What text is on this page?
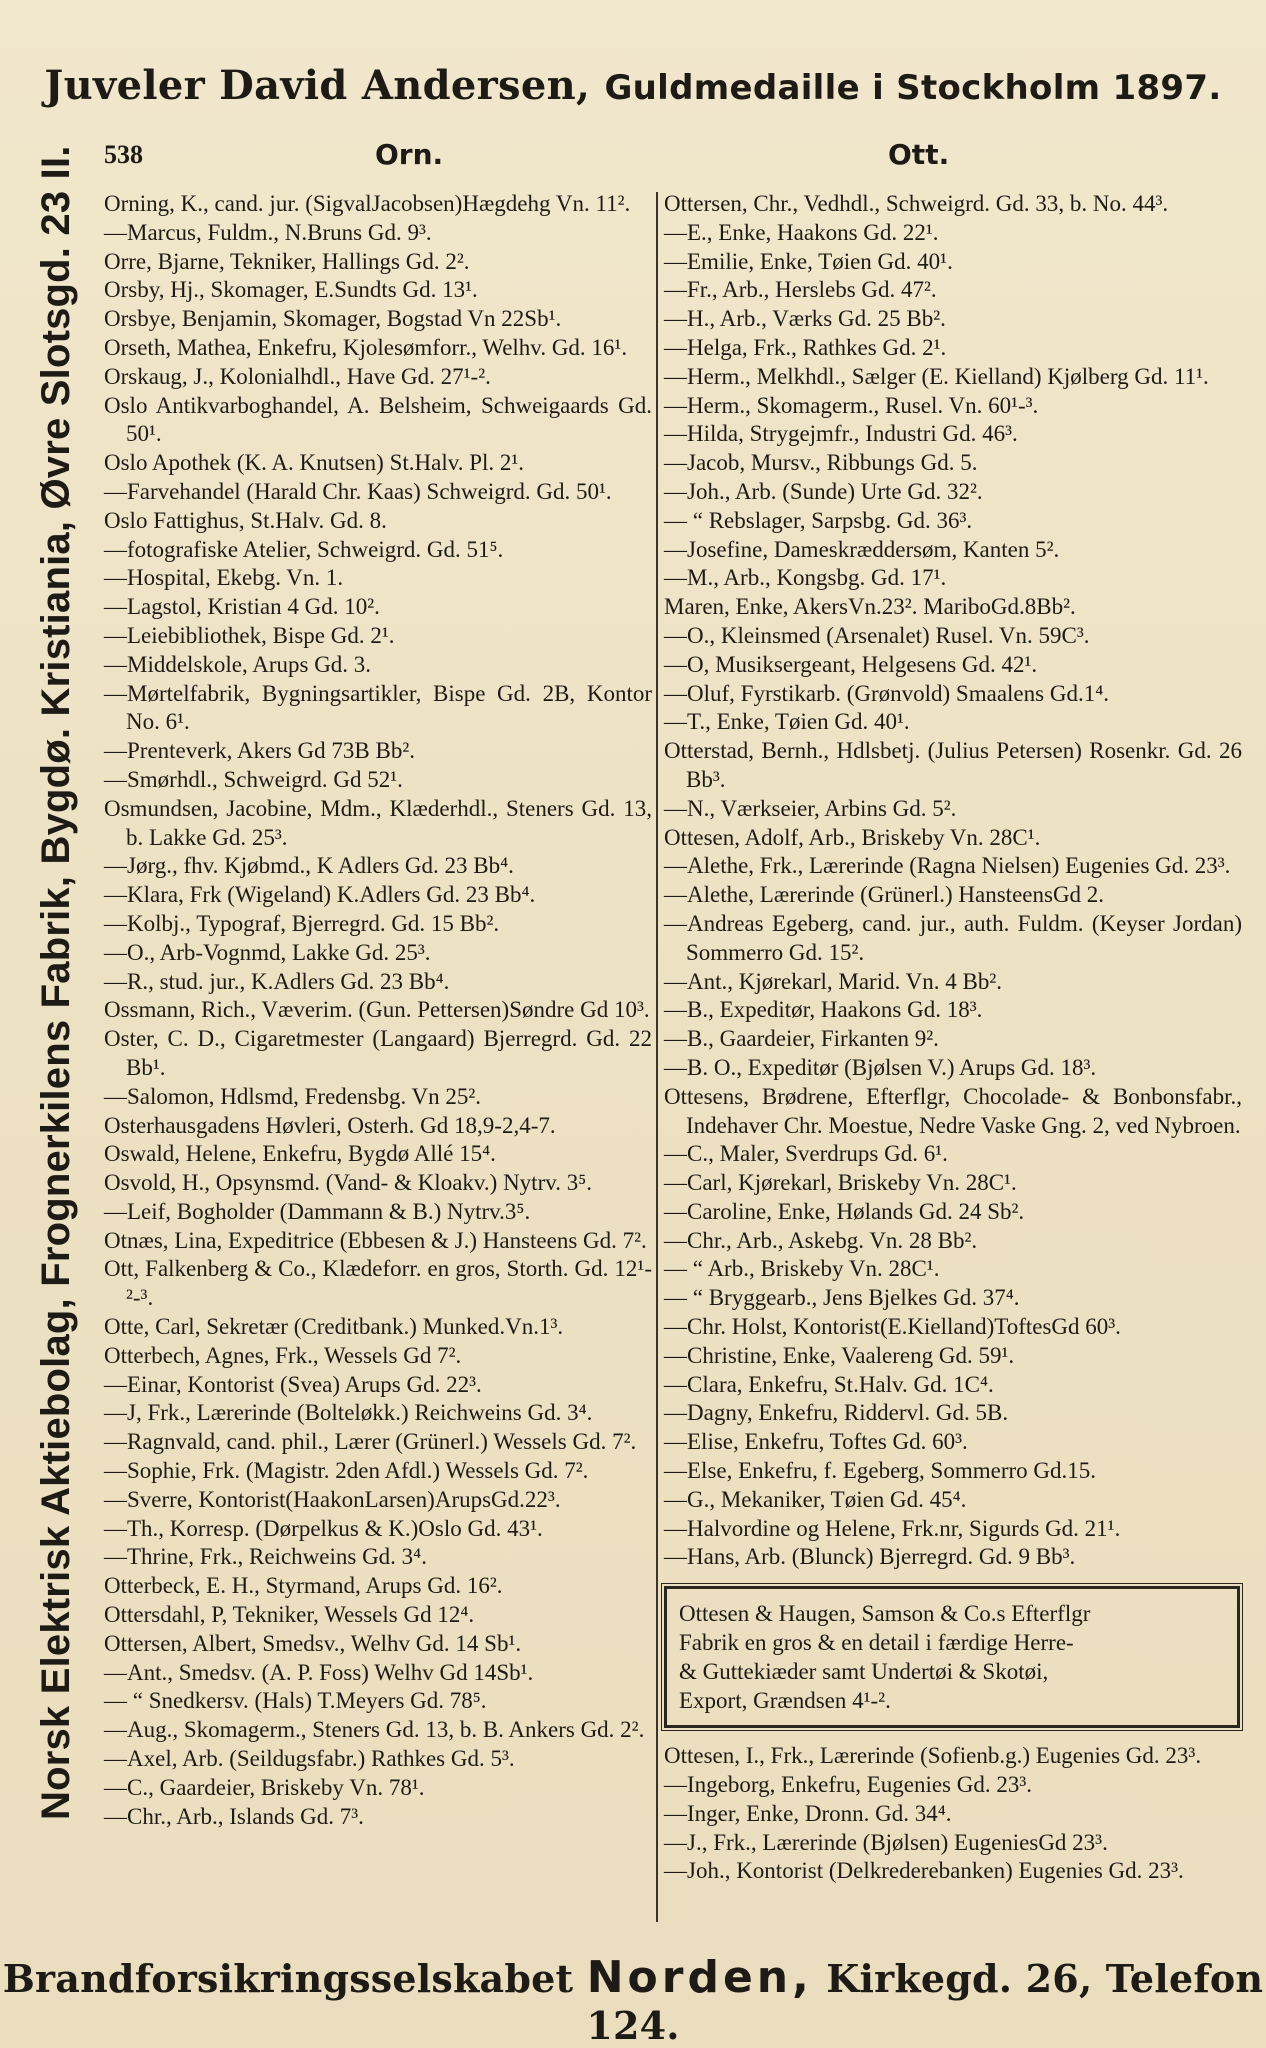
Juveler David Andersen, Guldmedaille i Stockholm 1897.
538	Orn.	Ott.
Norsk Elektrisk Aktiebolag, Frognerkilens Fabrik, Bygdø. Kristiania, Øvre Slotsgd. 23 II.	Orning, K., cand. jur. (SigvalJacobsen)Hægdehg Vn. 11².
—Marcus, Fuldm., N.Bruns Gd. 9³.
Orre, Bjarne, Tekniker, Hallings Gd. 2².
Orsby, Hj., Skomager, E.Sundts Gd. 13¹.
Orsbye, Benjamin, Skomager, Bogstad Vn 22Sb¹.
Orseth, Mathea, Enkefru, Kjolesømforr., Welhv. Gd. 16¹.
Orskaug, J., Kolonialhdl., Have Gd. 27¹-².
Oslo Antikvarboghandel, A. Belsheim, Schweigaards Gd. 50¹.
Oslo Apothek (K. A. Knutsen) St.Halv. Pl. 2¹.
—Farvehandel (Harald Chr. Kaas) Schweigrd. Gd. 50¹.
Oslo Fattighus, St.Halv. Gd. 8.
—fotografiske Atelier, Schweigrd. Gd. 51⁵.
—Hospital, Ekebg. Vn. 1.
—Lagstol, Kristian 4 Gd. 10².
—Leiebibliothek, Bispe Gd. 2¹.
—Middelskole, Arups Gd. 3.
—Mørtelfabrik, Bygningsartikler, Bispe Gd. 2B, Kontor No. 6¹.
—Prenteverk, Akers Gd 73B Bb².
—Smørhdl., Schweigrd. Gd 52¹.
Osmundsen, Jacobine, Mdm., Klæderhdl., Steners Gd. 13, b. Lakke Gd. 25³.
—Jørg., fhv. Kjøbmd., K Adlers Gd. 23 Bb⁴.
—Klara, Frk (Wigeland) K.Adlers Gd. 23 Bb⁴.
—Kolbj., Typograf, Bjerregrd. Gd. 15 Bb².
—O., Arb-Vognmd, Lakke Gd. 25³.
—R., stud. jur., K.Adlers Gd. 23 Bb⁴.
Ossmann, Rich., Væverim. (Gun. Pettersen)Søndre Gd 10³.
Oster, C. D., Cigaretmester (Langaard) Bjerregrd. Gd. 22 Bb¹.
—Salomon, Hdlsmd, Fredensbg. Vn 25².
Osterhausgadens Høvleri, Osterh. Gd 18,9-2,4-7.
Oswald, Helene, Enkefru, Bygdø Allé 15⁴.
Osvold, H., Opsynsmd. (Vand- & Kloakv.) Nytrv. 3⁵.
—Leif, Bogholder (Dammann & B.) Nytrv.3⁵.
Otnæs, Lina, Expeditrice (Ebbesen & J.) Hansteens Gd. 7².
Ott, Falkenberg & Co., Klædeforr. en gros, Storth. Gd. 12¹-²-³.
Otte, Carl, Sekretær (Creditbank.) Munked.Vn.1³.
Otterbech, Agnes, Frk., Wessels Gd 7².
—Einar, Kontorist (Svea) Arups Gd. 22³.
—J, Frk., Lærerinde (Bolteløkk.) Reichweins Gd. 3⁴.
—Ragnvald, cand. phil., Lærer (Grünerl.) Wessels Gd. 7².
—Sophie, Frk. (Magistr. 2den Afdl.) Wessels Gd. 7².
—Sverre, Kontorist(HaakonLarsen)ArupsGd.22³.
—Th., Korresp. (Dørpelkus & K.)Oslo Gd. 43¹.
—Thrine, Frk., Reichweins Gd. 3⁴.
Otterbeck, E. H., Styrmand, Arups Gd. 16².
Ottersdahl, P, Tekniker, Wessels Gd 12⁴.
Ottersen, Albert, Smedsv., Welhv Gd. 14 Sb¹.
—Ant., Smedsv. (A. P. Foss) Welhv Gd 14Sb¹.
— “ Snedkersv. (Hals) T.Meyers Gd. 78⁵.
—Aug., Skomagerm., Steners Gd. 13, b. B. Ankers Gd. 2².
—Axel, Arb. (Seildugsfabr.) Rathkes Gd. 5³.
—C., Gaardeier, Briskeby Vn. 78¹.
—Chr., Arb., Islands Gd. 7³.
Ottersen, Chr., Vedhdl., Schweigrd. Gd. 33, b. No. 44³.
—E., Enke, Haakons Gd. 22¹.
—Emilie, Enke, Tøien Gd. 40¹.
—Fr., Arb., Herslebs Gd. 47².
—H., Arb., Værks Gd. 25 Bb².
—Helga, Frk., Rathkes Gd. 2¹.
—Herm., Melkhdl., Sælger (E. Kielland) Kjølberg Gd. 11¹.
—Herm., Skomagerm., Rusel. Vn. 60¹-³.
—Hilda, Strygejmfr., Industri Gd. 46³.
—Jacob, Mursv., Ribbungs Gd. 5.
—Joh., Arb. (Sunde) Urte Gd. 32².
— “ Rebslager, Sarpsbg. Gd. 36³.
—Josefine, Dameskræddersøm, Kanten 5².
—M., Arb., Kongsbg. Gd. 17¹.
Maren, Enke, AkersVn.23². MariboGd.8Bb².
—O., Kleinsmed (Arsenalet) Rusel. Vn. 59C³.
—O, Musiksergeant, Helgesens Gd. 42¹.
—Oluf, Fyrstikarb. (Grønvold) Smaalens Gd.1⁴.
—T., Enke, Tøien Gd. 40¹.
Otterstad, Bernh., Hdlsbetj. (Julius Petersen) Rosenkr. Gd. 26 Bb³.
—N., Værkseier, Arbins Gd. 5².
Ottesen, Adolf, Arb., Briskeby Vn. 28C¹.
—Alethe, Frk., Lærerinde (Ragna Nielsen) Eugenies Gd. 23³.
—Alethe, Lærerinde (Grünerl.) HansteensGd 2.
—Andreas Egeberg, cand. jur., auth. Fuldm. (Keyser Jordan) Sommerro Gd. 15².
—Ant., Kjørekarl, Marid. Vn. 4 Bb².
—B., Expeditør, Haakons Gd. 18³.
—B., Gaardeier, Firkanten 9².
—B. O., Expeditør (Bjølsen V.) Arups Gd. 18³.
Ottesens, Brødrene, Efterflgr, Chocolade- & Bonbonsfabr., Indehaver Chr. Moestue, Nedre Vaske Gng. 2, ved Nybroen.
—C., Maler, Sverdrups Gd. 6¹.
—Carl, Kjørekarl, Briskeby Vn. 28C¹.
—Caroline, Enke, Hølands Gd. 24 Sb².
—Chr., Arb., Askebg. Vn. 28 Bb².
— “ Arb., Briskeby Vn. 28C¹.
— “ Bryggearb., Jens Bjelkes Gd. 37⁴.
—Chr. Holst, Kontorist(E.Kielland)ToftesGd 60³.
—Christine, Enke, Vaalereng Gd. 59¹.
—Clara, Enkefru, St.Halv. Gd. 1C⁴.
—Dagny, Enkefru, Riddervl. Gd. 5B.
—Elise, Enkefru, Toftes Gd. 60³.
—Else, Enkefru, f. Egeberg, Sommerro Gd.15.
—G., Mekaniker, Tøien Gd. 45⁴.
—Halvordine og Helene, Frk.nr, Sigurds Gd. 21¹.
—Hans, Arb. (Blunck) Bjerregrd. Gd. 9 Bb³.
Ottesen & Haugen, Samson & Co.s Efterflgr
Fabrik en gros & en detail i færdige Herre-
& Guttekiæder samt Undertøi & Skotøi,
Export, Grændsen 4¹-².
Ottesen, I., Frk., Lærerinde (Sofienb.g.) Eugenies Gd. 23³.
—Ingeborg, Enkefru, Eugenies Gd. 23³.
—Inger, Enke, Dronn. Gd. 34⁴.
—J., Frk., Lærerinde (Bjølsen) EugeniesGd 23³.
—Joh., Kontorist (Delkrederebanken) Eugenies Gd. 23³.
Brandforsikringsselskabet Norden, Kirkegd. 26, Telefon 124.
